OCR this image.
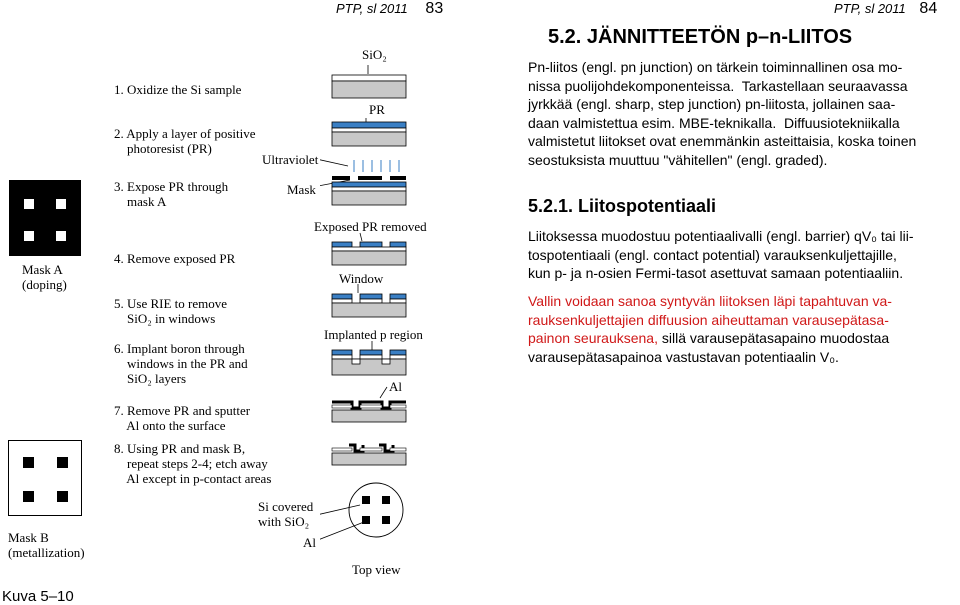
PTP, sl 2011 83	PTP, sl 2011 84
Mask A
(doping)
Mask B
(metallization)
Kuva 5–10
1. Oxidize the Si sample
2. Apply a layer of positive
photoresist (PR)
3. Expose PR through
mask A
4. Remove exposed PR
5. Use RIE to remove
SiO₂ in windows
6. Implant boron through
windows in the PR and
SiO₂ layers
7. Remove PR and sputter
Al onto the surface
8. Using PR and mask B,
repeat steps 2-4; etch away
Al except in p-contact areas
SiO₂
PR
Ultraviolet
Mask
Exposed PR removed
Window
Implanted p region
Al
Si covered
with SiO₂
Al
Top view
5.2. JÄNNITTEETÖN p–n-LIITOS
Pn-liitos (engl. pn junction) on tärkein toiminnallinen osa mo-
nissa puolijohdekomponenteissa.  Tarkastellaan seuraavassa
jyrkkää (engl. sharp, step junction) pn-liitosta, jollainen saa-
daan valmistettua esim. MBE-teknikalla.  Diffuusiotekniikalla
valmistetut liitokset ovat enemmänkin asteittaisia, koska toinen
seostuksista muuttuu "vähitellen" (engl. graded).
5.2.1. Liitospotentiaali
Liitoksessa muodostuu potentiaalivalli (engl. barrier) qV₀ tai lii-
tospotentiaali (engl. contact potential) varauksenkuljettajille,
kun p- ja n-osien Fermi-tasot asettuvat samaan potentiaaliin.
Vallin voidaan sanoa syntyvän liitoksen läpi tapahtuvan va-
rauksenkuljettajien diffuusion aiheuttaman varausepätasa-
painon seurauksena, sillä varausepätasapaino muodostaa
varausepätasapainoa vastustavan potentiaalin V₀.
